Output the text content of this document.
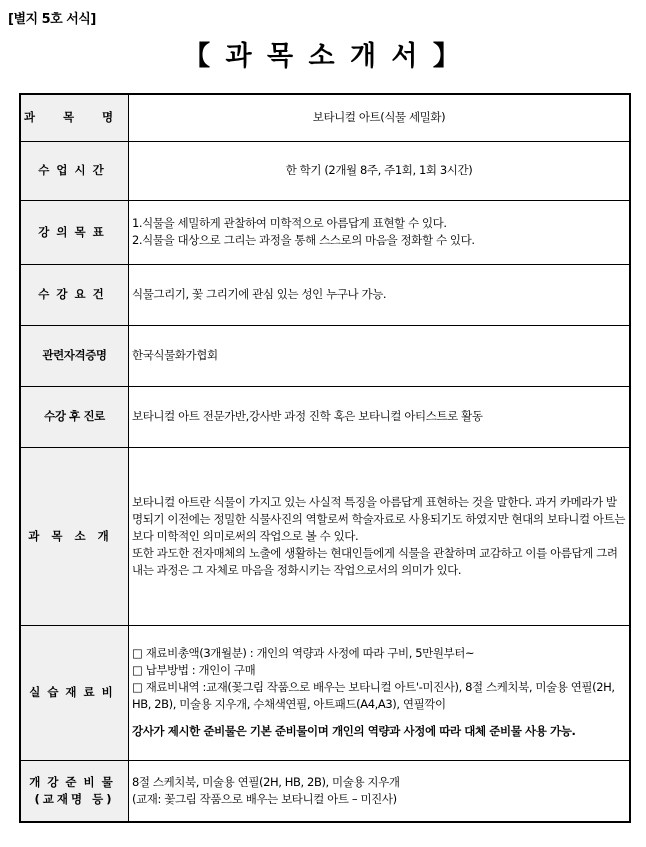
[별지 5호 서식]
【 과 목 소 개 서 】
과 목 명	보타니컬 아트(식물 세밀화)
수업시간	한 학기 (2개월 8주, 주1회, 1회 3시간)
강의목표	1.식물을 세밀하게 관찰하여 미학적으로 아름답게 표현할 수 있다.
2.식물을 대상으로 그리는 과정을 통해 스스로의 마음을 정화할 수 있다.

수강요건	식물그리기, 꽃 그리기에 관심 있는 성인 누구나 가능.
관련자격증명	한국식물화가협회
수강 후 진로	보타니컬 아트 전문가반,강사반 과정 진학 혹은 보타니컬 아티스트로 활동
과목소개	보타니컬 아트란 식물이 가지고 있는 사실적 특징을 아름답게 표현하는 것을 말한다. 과거 카메라가 발명되기 이전에는 정밀한 식물사진의 역할로써 학술자료로 사용되기도 하였지만 현대의 보타니컬 아트는 보다 미학적인 의미로써의 작업으로 볼 수 있다.
또한 과도한 전자매체의 노출에 생활하는 현대인들에게 식물을 관찰하며 교감하고 이를 아름답게 그려내는 과정은 그 자체로 마음을 정화시키는 작업으로서의 의미가 있다.

실습재료비	□ 재료비총액(3개월분) : 개인의 역량과 사정에 따라 구비, 5만원부터~
□ 납부방법 : 개인이 구매
□ 재료비내역 :교재(꽃그림 작품으로 배우는 보타니컬 아트'-미진사), 8절 스케치북, 미술용 연필(2H, HB, 2B), 미술용 지우개, 수채색연필, 아트패드(A4,A3), 연필깍이
강사가 제시한 준비물은 기본 준비물이며 개인의 역량과 사정에 따라 대체 준비물 사용 가능.

개강준비물
(교재명 등)	8절 스케치북, 미술용 연필(2H, HB, 2B), 미술용 지우개
(교재: 꽃그림 작품으로 배우는 보타니컬 아트 – 미진사)
